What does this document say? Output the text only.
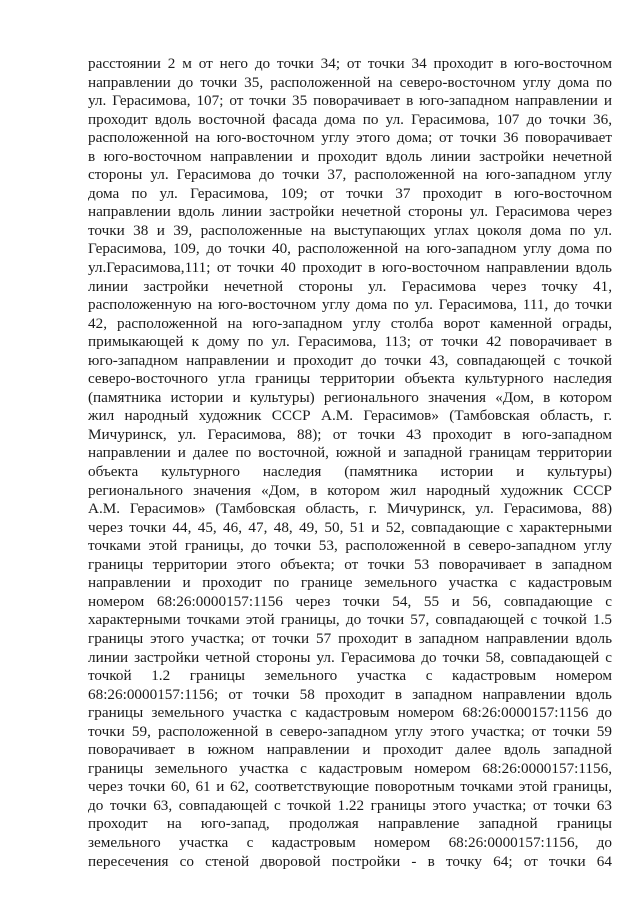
расстоянии 2 м от него до точки 34; от точки 34 проходит в юго-восточном
направлении до точки 35, расположенной на северо-восточном углу дома по
ул. Герасимова, 107; от точки 35 поворачивает в юго-западном направлении и
проходит вдоль восточной фасада дома по ул. Герасимова, 107 до точки 36,
расположенной на юго-восточном углу этого дома; от точки 36 поворачивает
в юго-восточном направлении и проходит вдоль линии застройки нечетной
стороны ул. Герасимова до точки 37, расположенной на юго-западном углу
дома по ул. Герасимова, 109; от точки 37 проходит в юго-восточном
направлении вдоль линии застройки нечетной стороны ул. Герасимова через
точки 38 и 39, расположенные на выступающих углах цоколя дома по ул.
Герасимова, 109, до точки 40, расположенной на юго-западном углу дома по
ул.Герасимова,111; от точки 40 проходит в юго-восточном направлении вдоль
линии застройки нечетной стороны ул. Герасимова через точку 41,
расположенную на юго-восточном углу дома по ул. Герасимова, 111, до точки
42, расположенной на юго-западном углу столба ворот каменной ограды,
примыкающей к дому по ул. Герасимова, 113; от точки 42 поворачивает в
юго-западном направлении и проходит до точки 43, совпадающей с точкой
северо-восточного угла границы территории объекта культурного наследия
(памятника истории и культуры) регионального значения «Дом, в котором
жил народный художник СССР А.М. Герасимов» (Тамбовская область, г.
Мичуринск, ул. Герасимова, 88); от точки 43 проходит в юго-западном
направлении и далее по восточной, южной и западной границам территории
объекта культурного наследия (памятника истории и культуры)
регионального значения «Дом, в котором жил народный художник СССР
А.М. Герасимов» (Тамбовская область, г. Мичуринск, ул. Герасимова, 88)
через точки 44, 45, 46, 47, 48, 49, 50, 51 и 52, совпадающие с характерными
точками этой границы, до точки 53, расположенной в северо-западном углу
границы территории этого объекта; от точки 53 поворачивает в западном
направлении и проходит по границе земельного участка с кадастровым
номером 68:26:0000157:1156 через точки 54, 55 и 56, совпадающие с
характерными точками этой границы, до точки 57, совпадающей с точкой 1.5
границы этого участка; от точки 57 проходит в западном направлении вдоль
линии застройки четной стороны ул. Герасимова до точки 58, совпадающей с
точкой 1.2 границы земельного участка с кадастровым номером
68:26:0000157:1156; от точки 58 проходит в западном направлении вдоль
границы земельного участка с кадастровым номером 68:26:0000157:1156 до
точки 59, расположенной в северо-западном углу этого участка; от точки 59
поворачивает в южном направлении и проходит далее вдоль западной
границы земельного участка с кадастровым номером 68:26:0000157:1156,
через точки 60, 61 и 62, соответствующие поворотным точками этой границы,
до точки 63, совпадающей с точкой 1.22 границы этого участка; от точки 63
проходит на юго-запад, продолжая направление западной границы
земельного участка с кадастровым номером 68:26:0000157:1156, до
пересечения со стеной дворовой постройки - в точку 64; от точки 64
